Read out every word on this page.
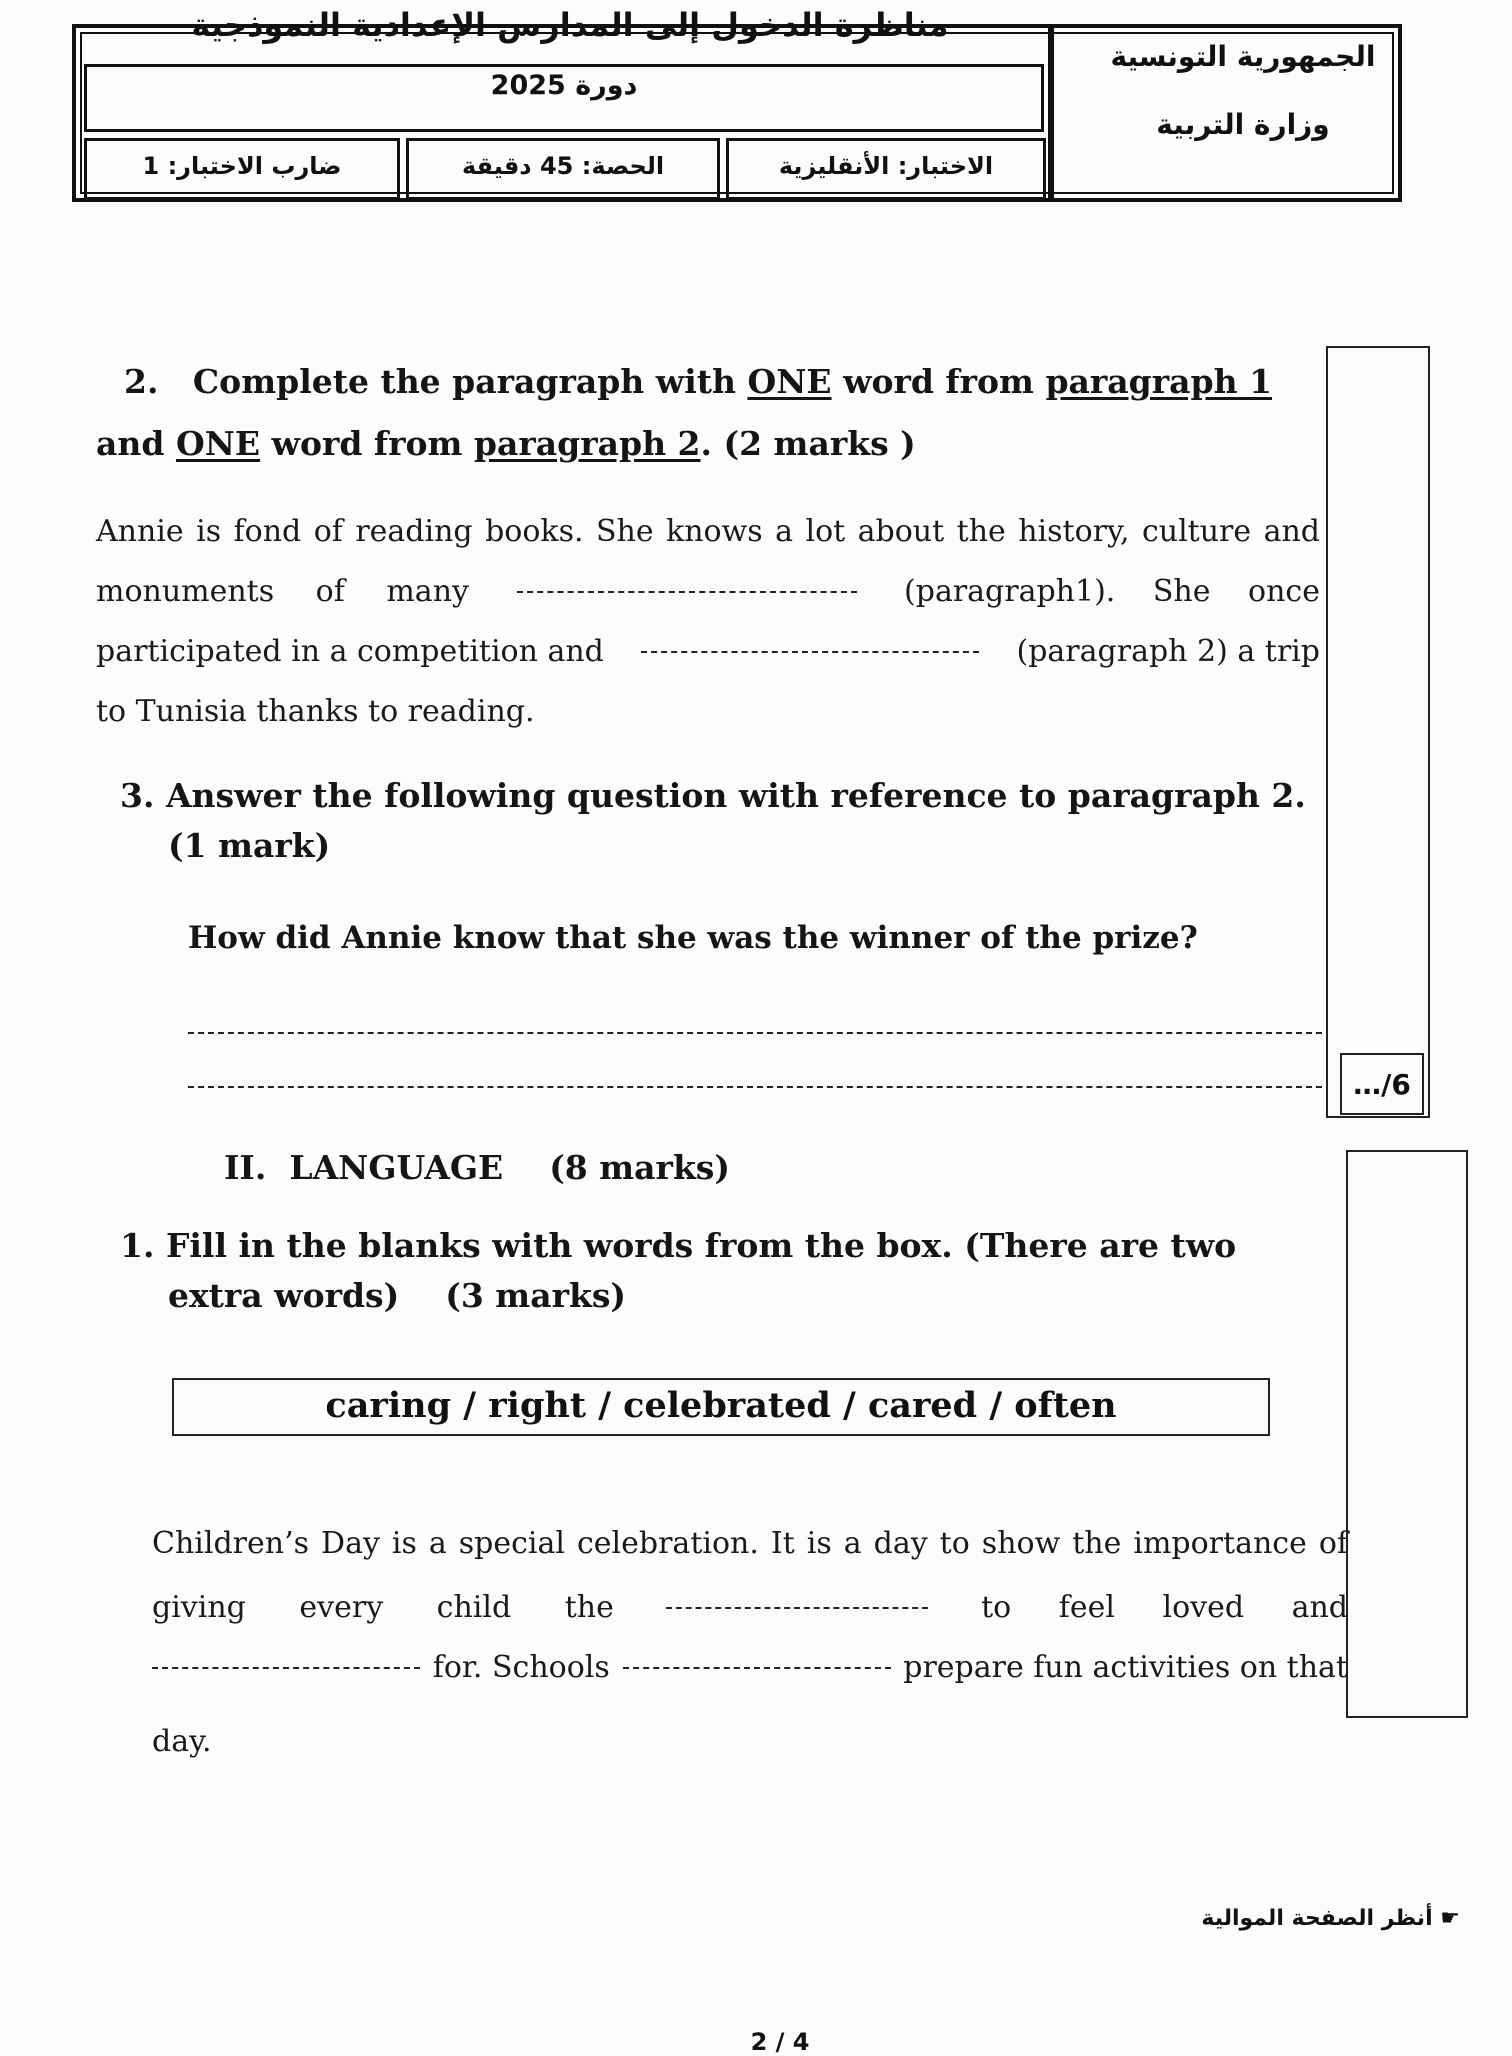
مناظرة الدخول إلى المدارس الإعدادية النموذجية
دورة 2025
الاختبار: الأنقليزية
الحصة: 45 دقيقة
ضارب الاختبار: 1
الجمهورية التونسية
وزارة التربية
…/6
2. Complete the paragraph with ONE word from paragraph 1
and ONE word from paragraph 2. (2 marks )
Annie is fond of reading books. She knows a lot about the history, culture and
monuments of many	(paragraph1). She once
participated in a competition and	(paragraph 2) a trip
to Tunisia thanks to reading.
3. Answer the following question with reference to paragraph 2.
(1 mark)
How did Annie know that she was the winner of the prize?
II. LANGUAGE (8 marks)
1. Fill in the blanks with words from the box. (There are two
extra words) (3 marks)
caring / right / celebrated / cared / often
Children’s Day is a special celebration. It is a day to show the importance of
giving every child the	to feel loved and
for. Schools	prepare fun activities on that
day.
☛ أنظر الصفحة الموالية
2 / 4
